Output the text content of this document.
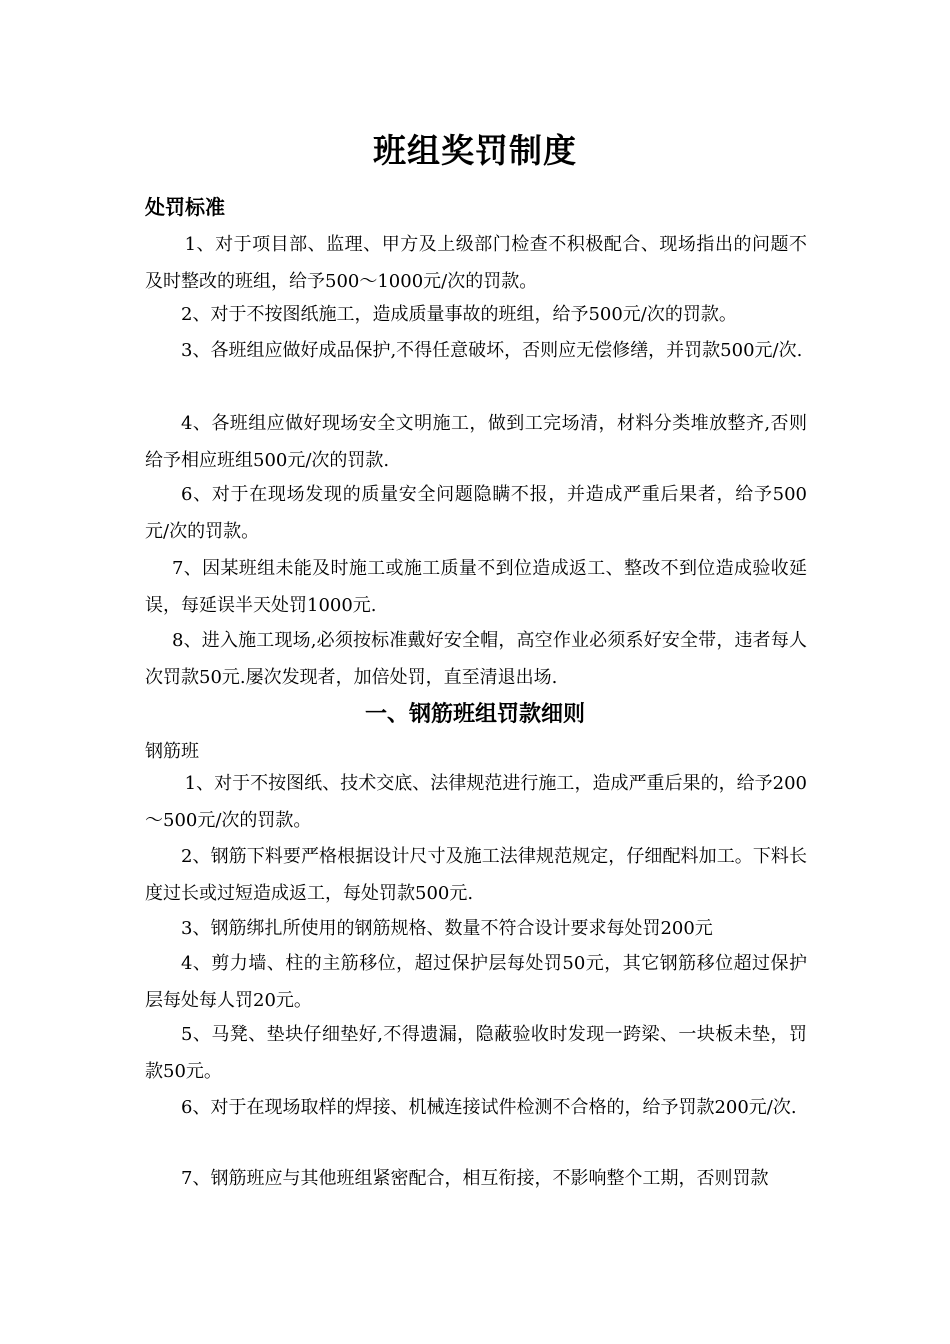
班组奖罚制度
处罚标准

1、对于项目部、监理、甲方及上级部门检查不积极配合、现场指出的问题不及时整改的班组，给予500～1000元/次的罚款。

2、对于不按图纸施工，造成质量事故的班组，给予500元/次的罚款。

3、各班组应做好成品保护,不得任意破坏，否则应无偿修缮，并罚款500元/次.

4、各班组应做好现场安全文明施工，做到工完场清，材料分类堆放整齐,否则给予相应班组500元/次的罚款.

6、对于在现场发现的质量安全问题隐瞒不报，并造成严重后果者，给予500元/次的罚款。

7、因某班组未能及时施工或施工质量不到位造成返工、整改不到位造成验收延误，每延误半天处罚1000元.

8、进入施工现场,必须按标准戴好安全帽，高空作业必须系好安全带，违者每人次罚款50元.屡次发现者，加倍处罚，直至清退出场.

一、钢筋班组罚款细则

钢筋班

1、对于不按图纸、技术交底、法律规范进行施工，造成严重后果的，给予200～500元/次的罚款。

2、钢筋下料要严格根据设计尺寸及施工法律规范规定，仔细配料加工。下料长度过长或过短造成返工，每处罚款500元.

3、钢筋绑扎所使用的钢筋规格、数量不符合设计要求每处罚200元

4、剪力墙、柱的主筋移位，超过保护层每处罚50元，其它钢筋移位超过保护层每处每人罚20元。

5、马凳、垫块仔细垫好,不得遗漏，隐蔽验收时发现一跨梁、一块板未垫，罚款50元。

6、对于在现场取样的焊接、机械连接试件检测不合格的，给予罚款200元/次.

7、钢筋班应与其他班组紧密配合，相互衔接，不影响整个工期，否则罚款
